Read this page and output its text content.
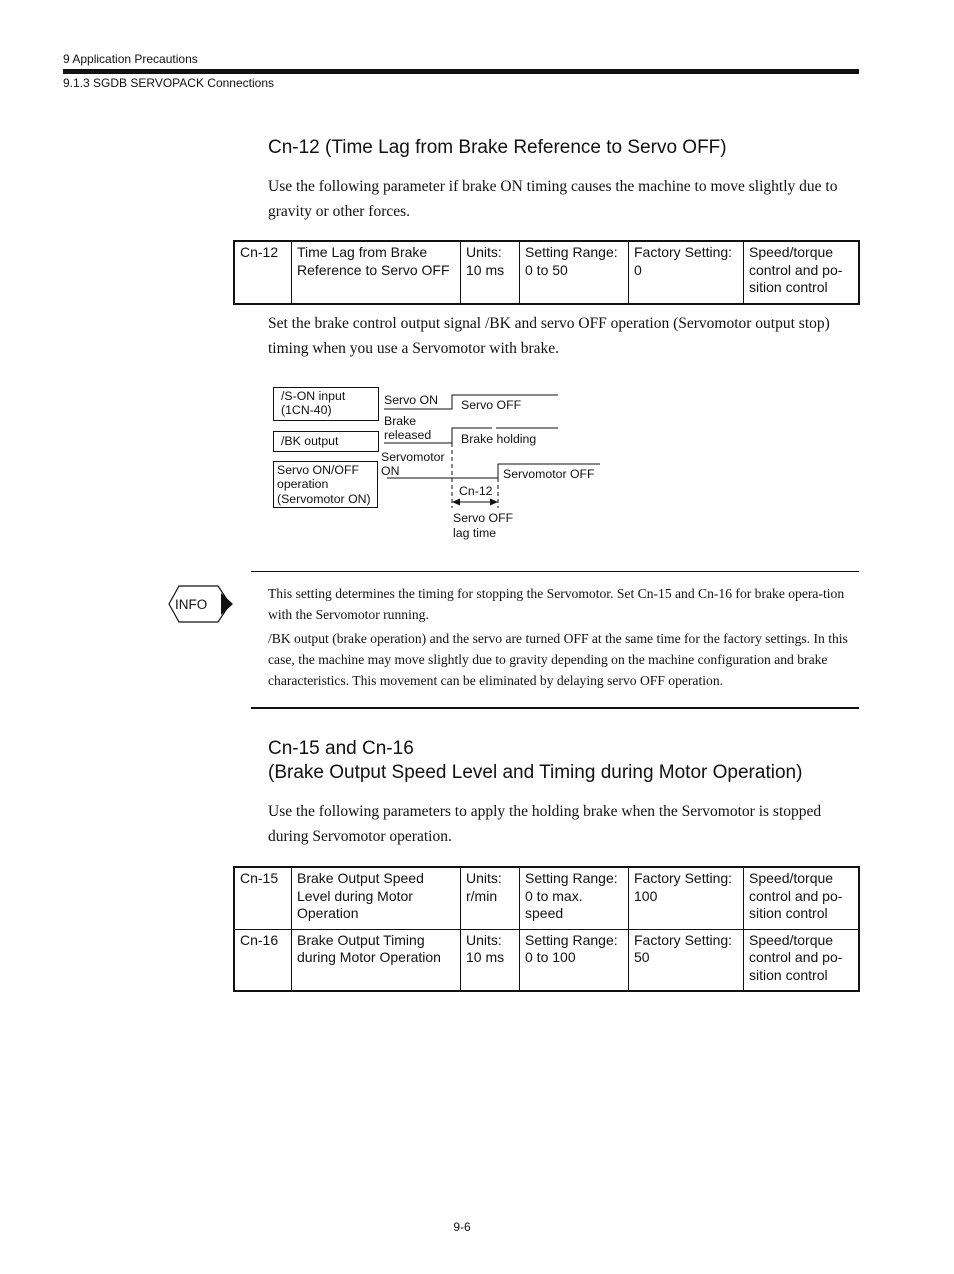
9 Application Precautions
9.1.3 SGDB SERVOPACK Connections
Cn-12 (Time Lag from Brake Reference to Servo OFF)
Use the following parameter if brake ON timing causes the machine to move slightly due to gravity or other forces.
Cn-12	Time Lag from Brake Reference to Servo OFF	Units: 10 ms	Setting Range: 0 to 50	Factory Setting: 0	Speed/torque control and po-sition control
Set the brake control output signal /BK and servo OFF operation (Servomotor output stop) timing when you use a Servomotor with brake.
/S-ON input
(1CN-40)
/BK output
Servo ON/OFF
operation
(Servomotor ON)
Servo ON Servo OFF
Brake
released Brake holding
Servomotor
ON	Servomotor OFF
Cn-12
Servo OFF
lag time
INFO

This setting determines the timing for stopping the Servomotor. Set Cn-15 and Cn-16 for brake opera-tion with the Servomotor running.

/BK output (brake operation) and the servo are turned OFF at the same time for the factory settings. In this case, the machine may move slightly due to gravity depending on the machine configuration and brake characteristics. This movement can be eliminated by delaying servo OFF operation.

Cn-15 and Cn-16
(Brake Output Speed Level and Timing during Motor Operation)
Use the following parameters to apply the holding brake when the Servomotor is stopped during Servomotor operation.
Cn-15	Brake Output Speed Level during Motor Operation	Units: r/min	Setting Range: 0 to max. speed	Factory Setting: 100	Speed/torque control and po-sition control
Cn-16	Brake Output Timing during Motor Operation	Units: 10 ms	Setting Range: 0 to 100	Factory Setting: 50	Speed/torque control and po-sition control
9-6
